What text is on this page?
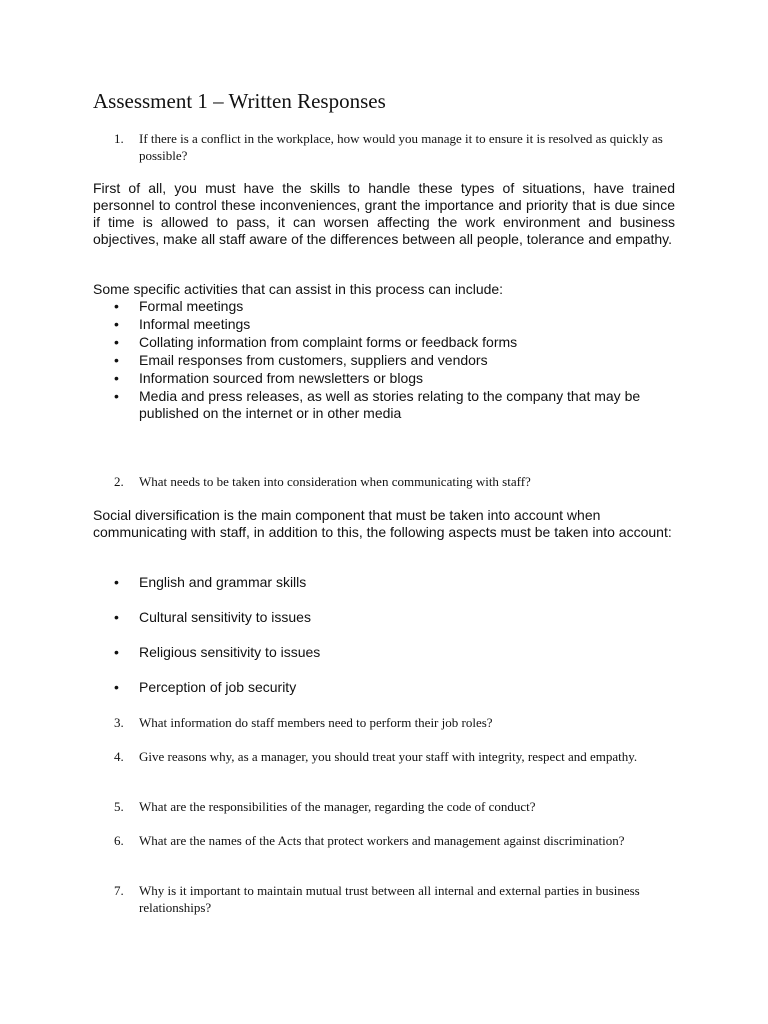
Assessment 1 – Written Responses
1.	If there is a conflict in the workplace, how would you manage it to ensure it is resolved as quickly as possible?

First of all, you must have the skills to handle these types of situations, have trained personnel to control these inconveniences, grant the importance and priority that is due since if time is allowed to pass, it can worsen affecting the work environment and business objectives, make all staff aware of the differences between all people, tolerance and empathy.

Some specific activities that can assist in this process can include:

•	Formal meetings
•	Informal meetings
•	Collating information from complaint forms or feedback forms
•	Email responses from customers, suppliers and vendors
•	Information sourced from newsletters or blogs
•	Media and press releases, as well as stories relating to the company that may be published on the internet or in other media
2.	What needs to be taken into consideration when communicating with staff?

Social diversification is the main component that must be taken into account when communicating with staff, in addition to this, the following aspects must be taken into account:

•	English and grammar skills
•	Cultural sensitivity to issues
•	Religious sensitivity to issues
•	Perception of job security
3.	What information do staff members need to perform their job roles?
4.	Give reasons why, as a manager, you should treat your staff with integrity, respect and empathy.
5.	What are the responsibilities of the manager, regarding the code of conduct?
6.	What are the names of the Acts that protect workers and management against discrimination?
7.	Why is it important to maintain mutual trust between all internal and external parties in business relationships?
